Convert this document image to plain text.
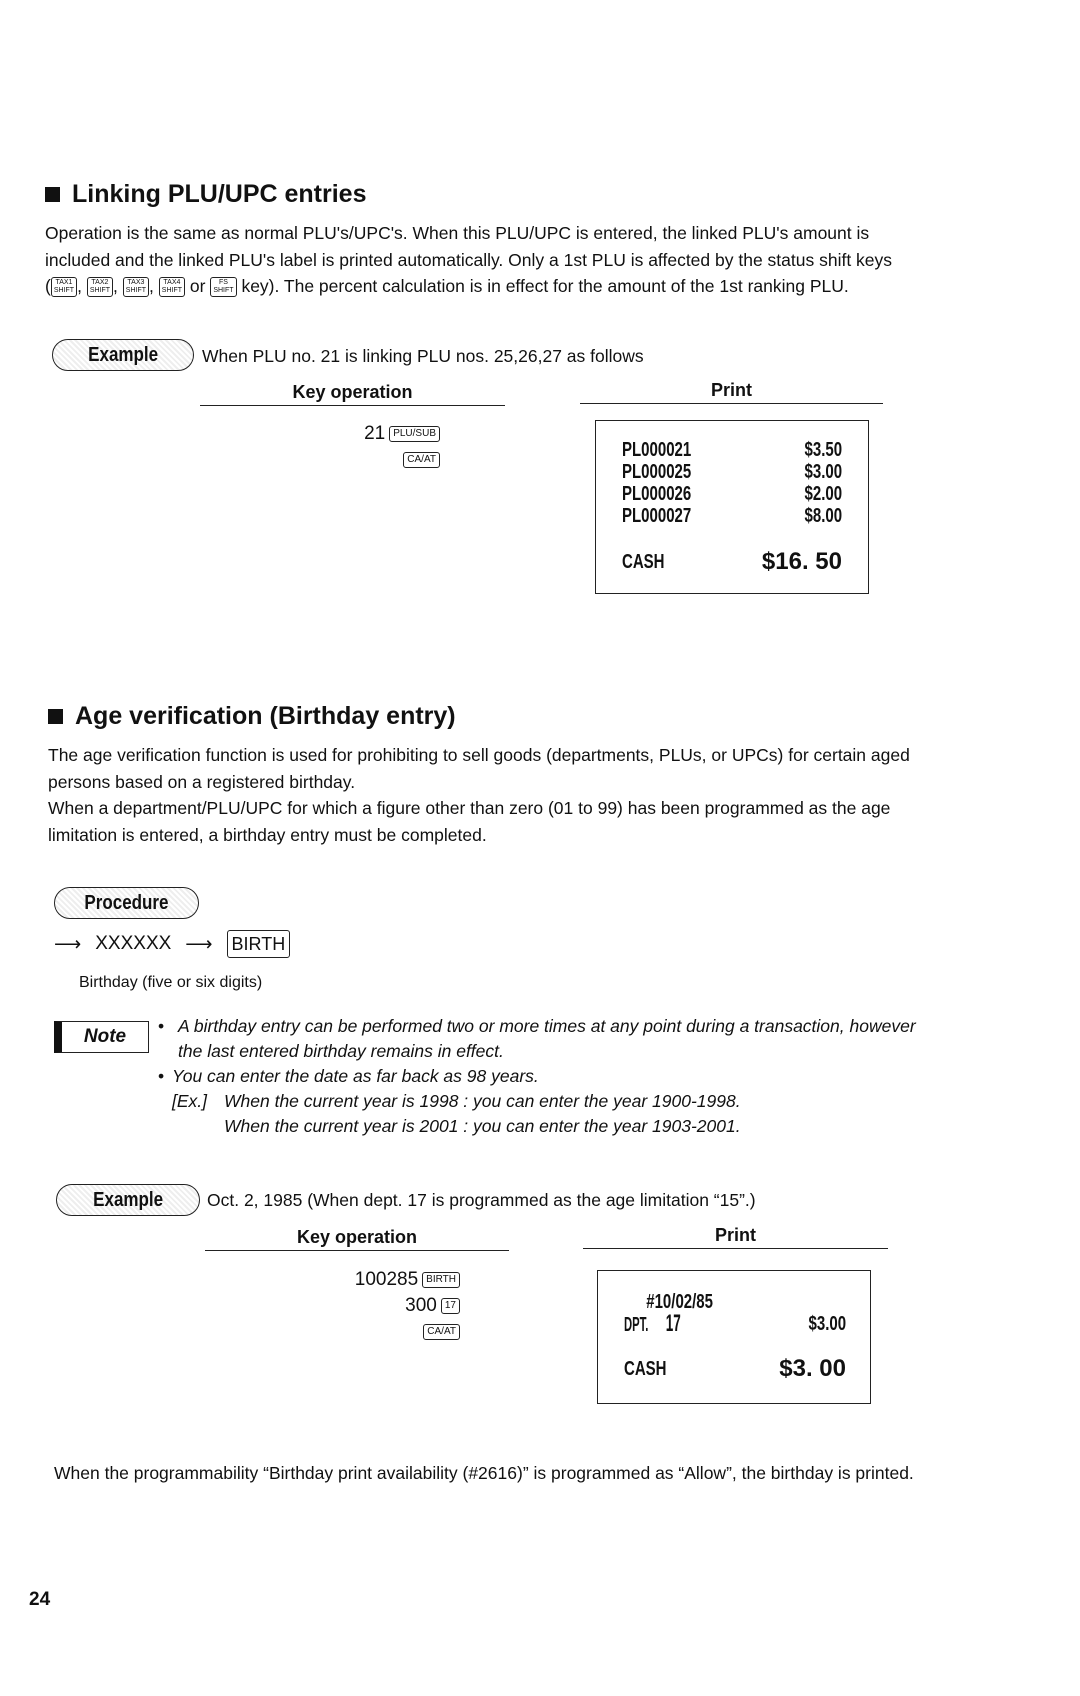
Linking PLU/UPC entries
Operation is the same as normal PLU's/UPC's. When this PLU/UPC is entered, the linked PLU's amount is
included and the linked PLU's label is printed automatically. Only a 1st PLU is affected by the status shift keys
( TAX1
SHIFT , TAX2
SHIFT , TAX3
SHIFT , TAX4
SHIFT or FS
SHIFT key). The percent calculation is in effect for the amount of the 1st ranking PLU.
Example	When PLU no. 21 is linking PLU nos. 25,26,27 as follows
Key operation	Print
21 PLU/SUB
CA/AT	PL000021	$3.50
PL000025	$3.00
PL000026	$2.00
PL000027	$8.00
CASH	$16. 50
Age verification (Birthday entry)
The age verification function is used for prohibiting to sell goods (departments, PLUs, or UPCs) for certain aged
persons based on a registered birthday.
When a department/PLU/UPC for which a figure other than zero (01 to 99) has been programmed as the age
limitation is entered, a birthday entry must be completed.
Procedure
⟶ XXXXXX ⟶ BIRTH
Birthday (five or six digits)
Note • A birthday entry can be performed two or more times at any point during a transaction, however
the last entered birthday remains in effect.
• You can enter the date as far back as 98 years.
[Ex.] When the current year is 1998 : you can enter the year 1900-1998.
When the current year is 2001 : you can enter the year 1903-2001.
Example	Oct. 2, 1985 (When dept. 17 is programmed as the age limitation “15”.)
Key operation	Print
100285 BIRTH
300 17
CA/AT
#10/02/85
DPT. 17	$3.00
CASH	$3. 00
When the programmability “Birthday print availability (#2616)” is programmed as “Allow”, the birthday is printed.
24
